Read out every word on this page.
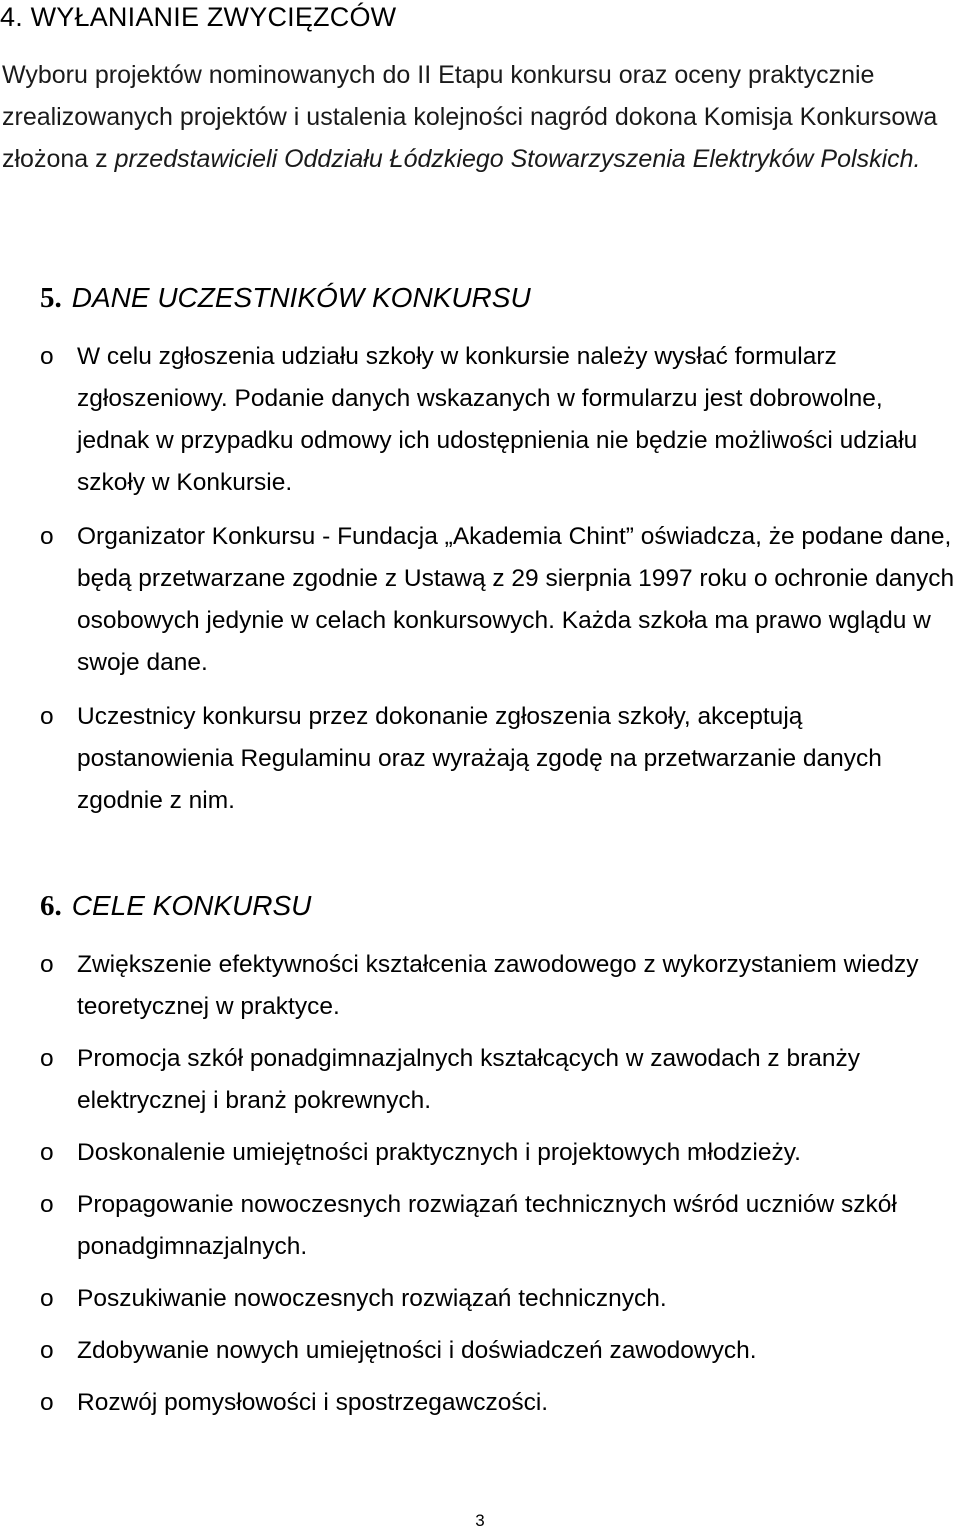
4. WYŁANIANIE ZWYCIĘZCÓW
Wyboru projektów nominowanych do II Etapu konkursu oraz oceny praktycznie zrealizowanych projektów i ustalenia kolejności nagród dokona Komisja Konkursowa złożona z przedstawicieli Oddziału Łódzkiego Stowarzyszenia Elektryków Polskich.
5. DANE UCZESTNIKÓW KONKURSU
o W celu zgłoszenia udziału szkoły w konkursie należy wysłać formularz zgłoszeniowy. Podanie danych wskazanych w formularzu jest dobrowolne, jednak w przypadku odmowy ich udostępnienia nie będzie możliwości udziału szkoły w Konkursie.
o Organizator Konkursu - Fundacja „Akademia Chint” oświadcza, że podane dane, będą przetwarzane zgodnie z Ustawą z 29 sierpnia 1997 roku o ochronie danych osobowych jedynie w celach konkursowych. Każda szkoła ma prawo wglądu w swoje dane.
o Uczestnicy konkursu przez dokonanie zgłoszenia szkoły, akceptują postanowienia Regulaminu oraz wyrażają zgodę na przetwarzanie danych zgodnie z nim.
6. CELE KONKURSU
o Zwiększenie efektywności kształcenia zawodowego z wykorzystaniem wiedzy teoretycznej w praktyce.
o Promocja szkół ponadgimnazjalnych kształcących w zawodach z branży elektrycznej i branż pokrewnych.
o Doskonalenie umiejętności praktycznych i projektowych młodzieży.
o Propagowanie nowoczesnych rozwiązań technicznych wśród uczniów szkół ponadgimnazjalnych.
o Poszukiwanie nowoczesnych rozwiązań technicznych.
o Zdobywanie nowych umiejętności i doświadczeń zawodowych.
o Rozwój pomysłowości i spostrzegawczości.
3
